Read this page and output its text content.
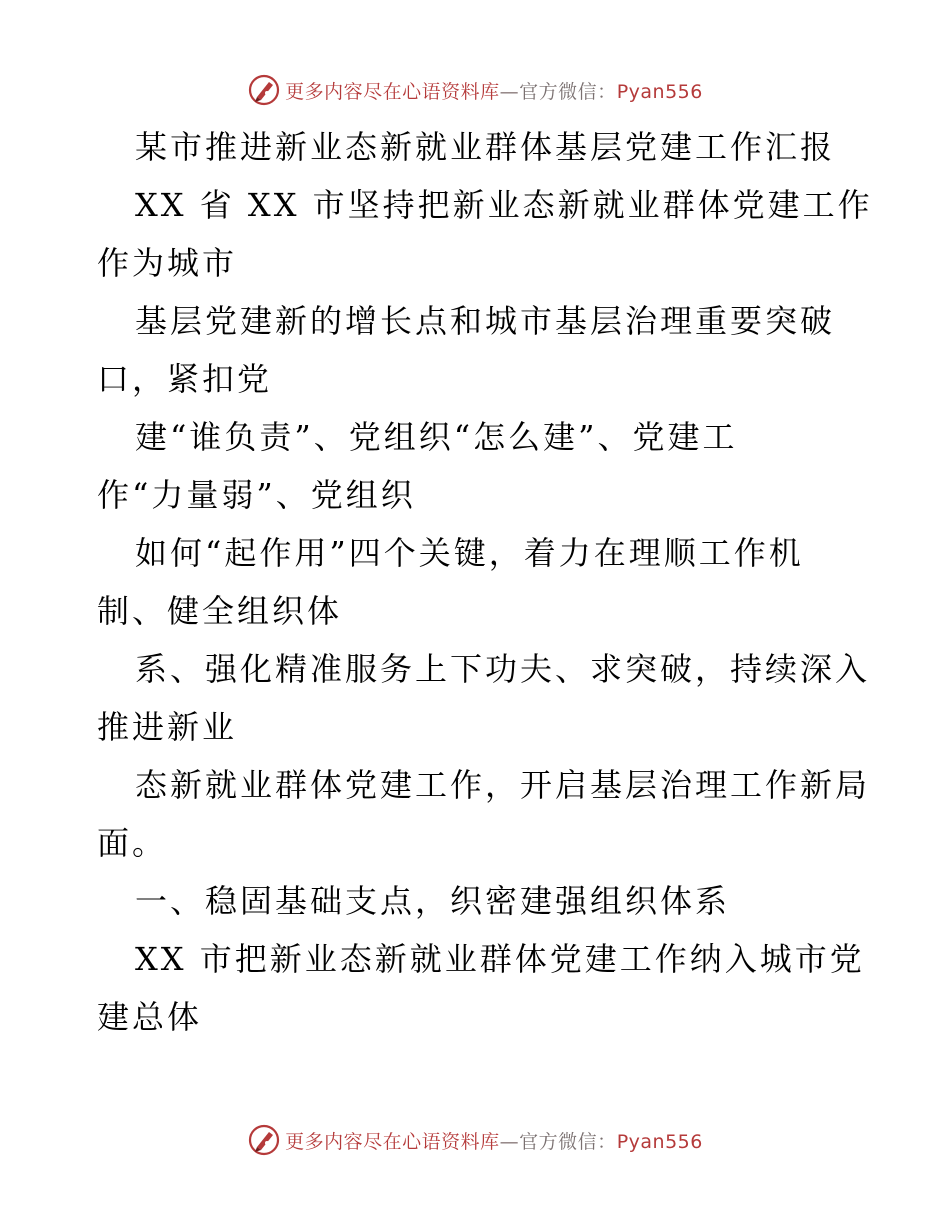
更多内容尽在心语资料库—官方微信：Pyan556
某市推进新业态新就业群体基层党建工作汇报
XX 省 XX 市坚持把新业态新就业群体党建工作
作为城市
基层党建新的增长点和城市基层治理重要突破
口，紧扣党
建“谁负责”、党组织“怎么建”、党建工
作“力量弱”、党组织
如何“起作用”四个关键，着力在理顺工作机
制、健全组织体
系、强化精准服务上下功夫、求突破，持续深入
推进新业
态新就业群体党建工作，开启基层治理工作新局
面。
一、稳固基础支点，织密建强组织体系
XX 市把新业态新就业群体党建工作纳入城市党
建总体
更多内容尽在心语资料库—官方微信：Pyan556
